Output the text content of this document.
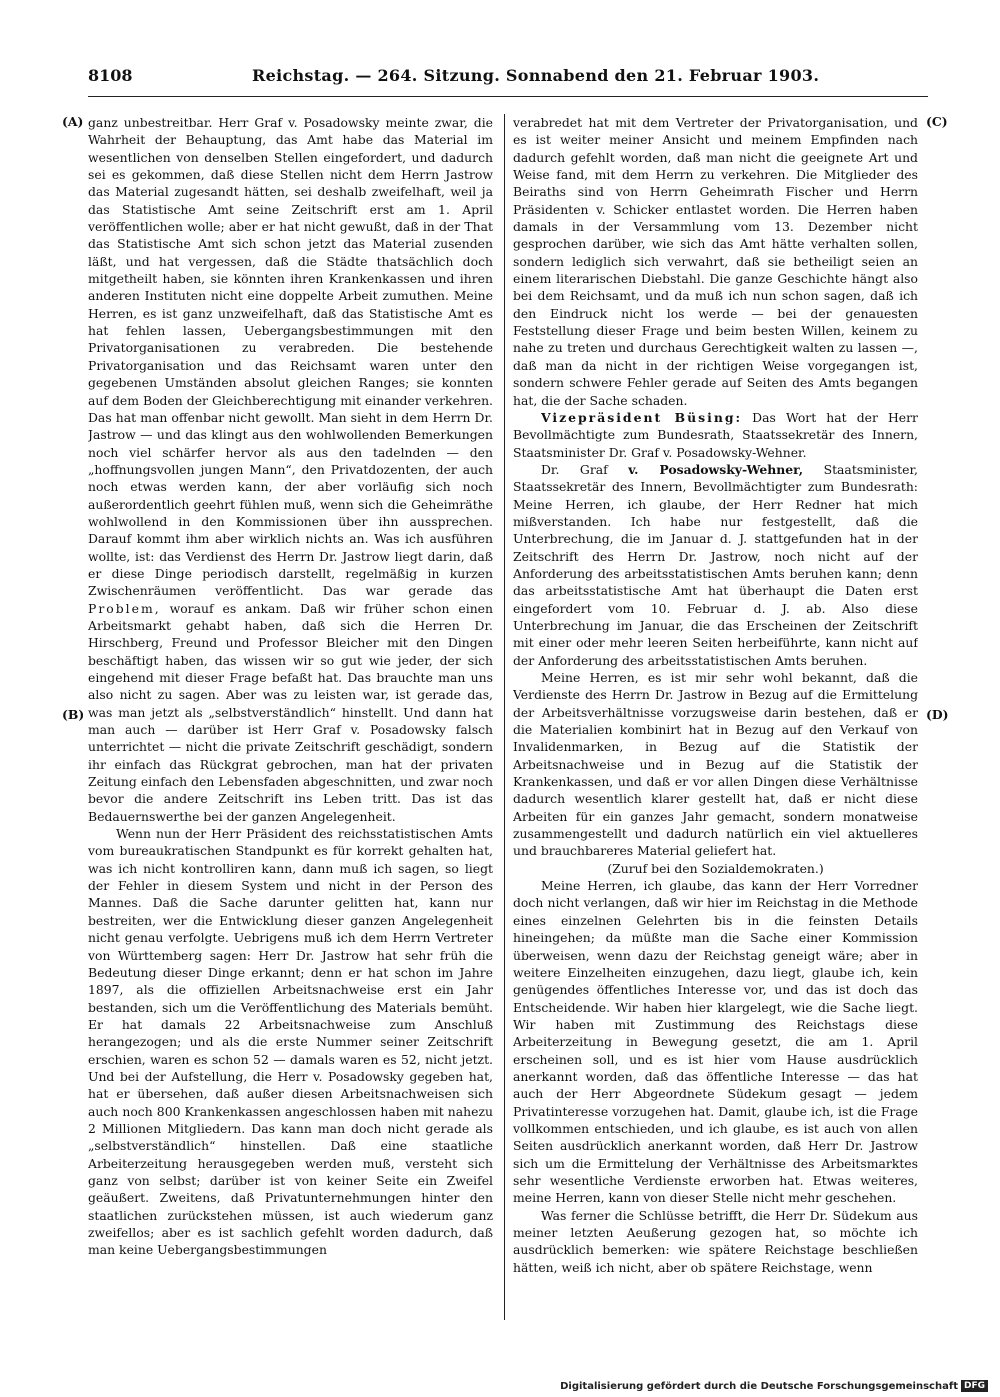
8108	Reichstag. — 264. Sitzung. Sonnabend den 21. Februar 1903.
(A)
(B)
(C)
(D)

ganz unbestreitbar. Herr Graf v. Posadowsky meinte zwar, die Wahrheit der Behauptung, das Amt habe das Material im wesentlichen von denselben Stellen eingefordert, und dadurch sei es gekommen, daß diese Stellen nicht dem Herrn Jastrow das Material zugesandt hätten, sei deshalb zweifelhaft, weil ja das Statistische Amt seine Zeitschrift erst am 1. April veröffentlichen wolle; aber er hat nicht gewußt, daß in der That das Statistische Amt sich schon jetzt das Material zusenden läßt, und hat vergessen, daß die Städte thatsächlich doch mitgetheilt haben, sie könnten ihren Krankenkassen und ihren anderen Instituten nicht eine doppelte Arbeit zumuthen. Meine Herren, es ist ganz unzweifelhaft, daß das Statistische Amt es hat fehlen lassen, Uebergangsbestimmungen mit den Privatorganisationen zu verabreden. Die bestehende Privatorganisation und das Reichsamt waren unter den gegebenen Umständen absolut gleichen Ranges; sie konnten auf dem Boden der Gleichberechtigung mit einander verkehren. Das hat man offenbar nicht gewollt. Man sieht in dem Herrn Dr. Jastrow — und das klingt aus den wohlwollenden Bemerkungen noch viel schärfer hervor als aus den tadelnden — den „hoffnungsvollen jungen Mann“, den Privatdozenten, der auch noch etwas werden kann, der aber vorläufig sich noch außerordentlich geehrt fühlen muß, wenn sich die Geheimräthe wohlwollend in den Kommissionen über ihn aussprechen. Darauf kommt ihm aber wirklich nichts an. Was ich ausführen wollte, ist: das Verdienst des Herrn Dr. Jastrow liegt darin, daß er diese Dinge periodisch darstellt, regelmäßig in kurzen Zwischenräumen veröffentlicht. Das war gerade das Problem, worauf es ankam. Daß wir früher schon einen Arbeitsmarkt gehabt haben, daß sich die Herren Dr. Hirschberg, Freund und Professor Bleicher mit den Dingen beschäftigt haben, das wissen wir so gut wie jeder, der sich eingehend mit dieser Frage befaßt hat. Das brauchte man uns also nicht zu sagen. Aber was zu leisten war, ist gerade das, was man jetzt als „selbstverständlich“ hinstellt. Und dann hat man auch — darüber ist Herr Graf v. Posadowsky falsch unterrichtet — nicht die private Zeitschrift geschädigt, sondern ihr einfach das Rückgrat gebrochen, man hat der privaten Zeitung einfach den Lebensfaden abgeschnitten, und zwar noch bevor die andere Zeitschrift ins Leben tritt. Das ist das Bedauernswerthe bei der ganzen Angelegenheit.

Wenn nun der Herr Präsident des reichsstatistischen Amts vom bureaukratischen Standpunkt es für korrekt gehalten hat, was ich nicht kontrolliren kann, dann muß ich sagen, so liegt der Fehler in diesem System und nicht in der Person des Mannes. Daß die Sache darunter gelitten hat, kann nur bestreiten, wer die Entwicklung dieser ganzen Angelegenheit nicht genau verfolgte. Uebrigens muß ich dem Herrn Vertreter von Württemberg sagen: Herr Dr. Jastrow hat sehr früh die Bedeutung dieser Dinge erkannt; denn er hat schon im Jahre 1897, als die offiziellen Arbeitsnachweise erst ein Jahr bestanden, sich um die Veröffentlichung des Materials bemüht. Er hat damals 22 Arbeitsnachweise zum Anschluß herangezogen; und als die erste Nummer seiner Zeitschrift erschien, waren es schon 52 — damals waren es 52, nicht jetzt. Und bei der Aufstellung, die Herr v. Posadowsky gegeben hat, hat er übersehen, daß außer diesen Arbeitsnachweisen sich auch noch 800 Krankenkassen angeschlossen haben mit nahezu 2 Millionen Mitgliedern. Das kann man doch nicht gerade als „selbstverständlich“ hinstellen. Daß eine staatliche Arbeiterzeitung herausgegeben werden muß, versteht sich ganz von selbst; darüber ist von keiner Seite ein Zweifel geäußert. Zweitens, daß Privatunternehmungen hinter den staatlichen zurückstehen müssen, ist auch wiederum ganz zweifellos; aber es ist sachlich gefehlt worden dadurch, daß man keine Uebergangsbestimmungen

verabredet hat mit dem Vertreter der Privatorganisation, und es ist weiter meiner Ansicht und meinem Empfinden nach dadurch gefehlt worden, daß man nicht die geeignete Art und Weise fand, mit dem Herrn zu verkehren. Die Mitglieder des Beiraths sind von Herrn Geheimrath Fischer und Herrn Präsidenten v. Schicker entlastet worden. Die Herren haben damals in der Versammlung vom 13. Dezember nicht gesprochen darüber, wie sich das Amt hätte verhalten sollen, sondern lediglich sich verwahrt, daß sie betheiligt seien an einem literarischen Diebstahl. Die ganze Geschichte hängt also bei dem Reichsamt, und da muß ich nun schon sagen, daß ich den Eindruck nicht los werde — bei der genauesten Feststellung dieser Frage und beim besten Willen, keinem zu nahe zu treten und durchaus Gerechtigkeit walten zu lassen —, daß man da nicht in der richtigen Weise vorgegangen ist, sondern schwere Fehler gerade auf Seiten des Amts begangen hat, die der Sache schaden.

Vizepräsident Büsing: Das Wort hat der Herr Bevollmächtigte zum Bundesrath, Staatssekretär des Innern, Staatsminister Dr. Graf v. Posadowsky-Wehner.

Dr. Graf v. Posadowsky-Wehner, Staatsminister, Staatssekretär des Innern, Bevollmächtigter zum Bundesrath: Meine Herren, ich glaube, der Herr Redner hat mich mißverstanden. Ich habe nur festgestellt, daß die Unterbrechung, die im Januar d. J. stattgefunden hat in der Zeitschrift des Herrn Dr. Jastrow, noch nicht auf der Anforderung des arbeitsstatistischen Amts beruhen kann; denn das arbeitsstatistische Amt hat überhaupt die Daten erst eingefordert vom 10. Februar d. J. ab. Also diese Unterbrechung im Januar, die das Erscheinen der Zeitschrift mit einer oder mehr leeren Seiten herbeiführte, kann nicht auf der Anforderung des arbeitsstatistischen Amts beruhen.

Meine Herren, es ist mir sehr wohl bekannt, daß die Verdienste des Herrn Dr. Jastrow in Bezug auf die Ermittelung der Arbeitsverhältnisse vorzugsweise darin bestehen, daß er die Materialien kombinirt hat in Bezug auf den Verkauf von Invalidenmarken, in Bezug auf die Statistik der Arbeitsnachweise und in Bezug auf die Statistik der Krankenkassen, und daß er vor allen Dingen diese Verhältnisse dadurch wesentlich klarer gestellt hat, daß er nicht diese Arbeiten für ein ganzes Jahr gemacht, sondern monatweise zusammengestellt und dadurch natürlich ein viel aktuelleres und brauchbareres Material geliefert hat.

(Zuruf bei den Sozialdemokraten.)

Meine Herren, ich glaube, das kann der Herr Vorredner doch nicht verlangen, daß wir hier im Reichstag in die Methode eines einzelnen Gelehrten bis in die feinsten Details hineingehen; da müßte man die Sache einer Kommission überweisen, wenn dazu der Reichstag geneigt wäre; aber in weitere Einzelheiten einzugehen, dazu liegt, glaube ich, kein genügendes öffentliches Interesse vor, und das ist doch das Entscheidende. Wir haben hier klargelegt, wie die Sache liegt. Wir haben mit Zustimmung des Reichstags diese Arbeiterzeitung in Bewegung gesetzt, die am 1. April erscheinen soll, und es ist hier vom Hause ausdrücklich anerkannt worden, daß das öffentliche Interesse — das hat auch der Herr Abgeordnete Südekum gesagt — jedem Privatinteresse vorzugehen hat. Damit, glaube ich, ist die Frage vollkommen entschieden, und ich glaube, es ist auch von allen Seiten ausdrücklich anerkannt worden, daß Herr Dr. Jastrow sich um die Ermittelung der Verhältnisse des Arbeitsmarktes sehr wesentliche Verdienste erworben hat. Etwas weiteres, meine Herren, kann von dieser Stelle nicht mehr geschehen.

Was ferner die Schlüsse betrifft, die Herr Dr. Südekum aus meiner letzten Aeußerung gezogen hat, so möchte ich ausdrücklich bemerken: wie spätere Reichstage beschließen hätten, weiß ich nicht, aber ob spätere Reichstage, wenn

Digitalisierung gefördert durch die Deutsche Forschungsgemeinschaft DFG
